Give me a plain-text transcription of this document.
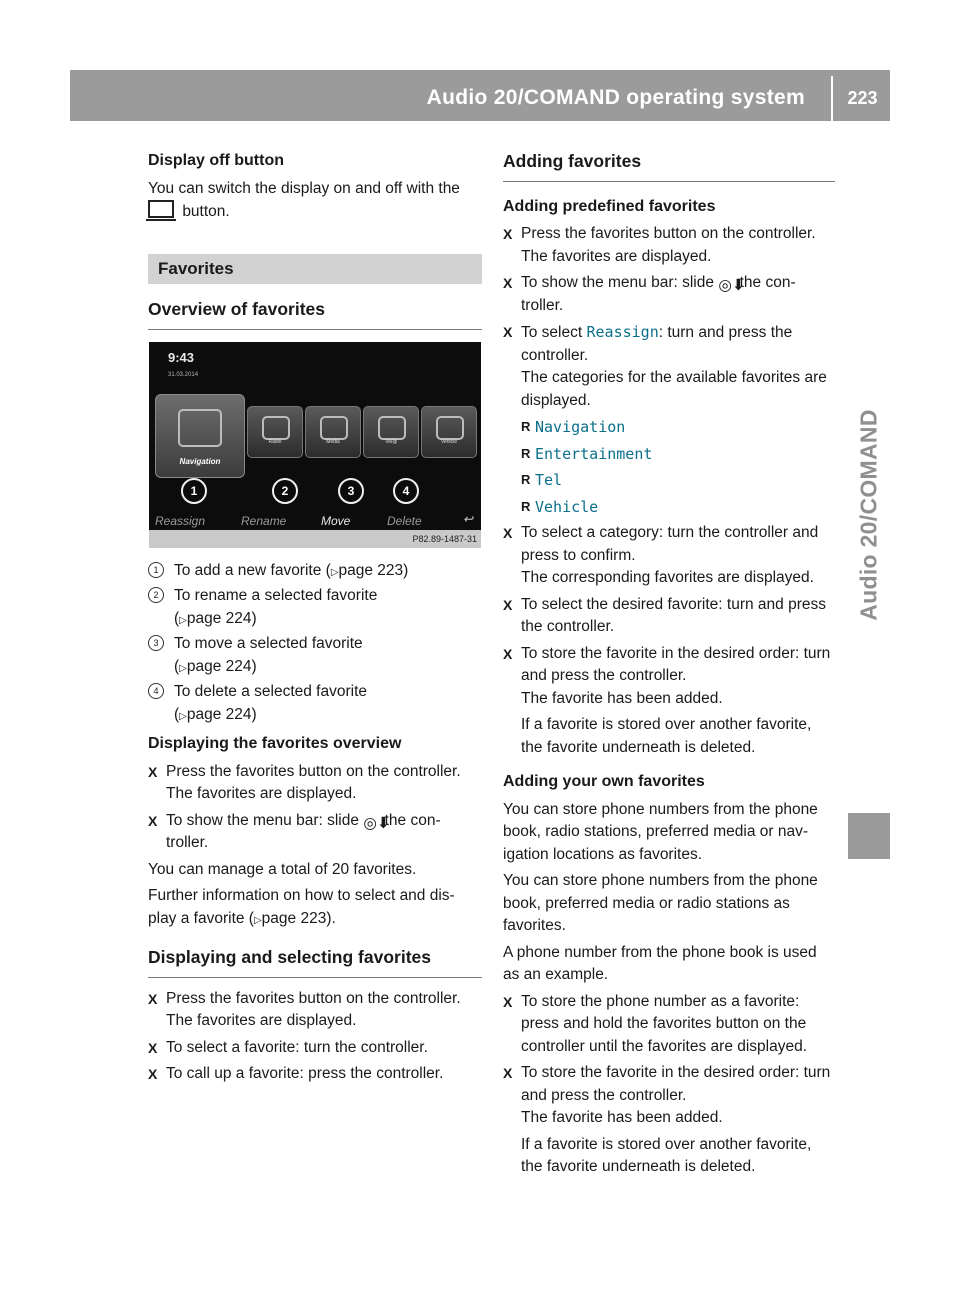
Audio 20/COMAND operating system	223
Audio 20/COMAND
Display off button

You can switch the display on and off with the  button.

Favorites
Overview of favorites
9:43
31.03.2014
Navigation
Radio	Media	Tel/@	Vehicle
1	2	3	4
Reassign	Rename	Move	Delete	↩
P82.89-1487-31
1	To add a new favorite (▷page 223)
2	To rename a selected favorite
(▷page 224)
3	To move a selected favorite
(▷page 224)
4	To delete a selected favorite
(▷page 224)
Displaying the favorites overview
X Press the favorites button on the controller.
The favorites are displayed.
X To show the menu bar: slide ◎⬇ the con-troller.

You can manage a total of 20 favorites.

Further information on how to select and dis-play a favorite (▷page 223).

Displaying and selecting favorites
X Press the favorites button on the controller.
The favorites are displayed.
X To select a favorite: turn the controller.
X To call up a favorite: press the controller.
Adding favorites
Adding predefined favorites
X Press the favorites button on the controller.
The favorites are displayed.
X To show the menu bar: slide ◎⬇ the con-troller.
X To select Reassign: turn and press the controller.
The categories for the available favorites are displayed.
R Navigation
R Entertainment
R Tel
R Vehicle
X To select a category: turn the controller and press to confirm.
The corresponding favorites are displayed.
X To select the desired favorite: turn and press the controller.
X To store the favorite in the desired order: turn and press the controller.
The favorite has been added.
If a favorite is stored over another favorite, the favorite underneath is deleted.
Adding your own favorites

You can store phone numbers from the phone book, radio stations, preferred media or nav-igation locations as favorites.

You can store phone numbers from the phone book, preferred media or radio stations as favorites.

A phone number from the phone book is used as an example.

X To store the phone number as a favorite: press and hold the favorites button on the controller until the favorites are displayed.
X To store the favorite in the desired order: turn and press the controller.
The favorite has been added.
If a favorite is stored over another favorite, the favorite underneath is deleted.
